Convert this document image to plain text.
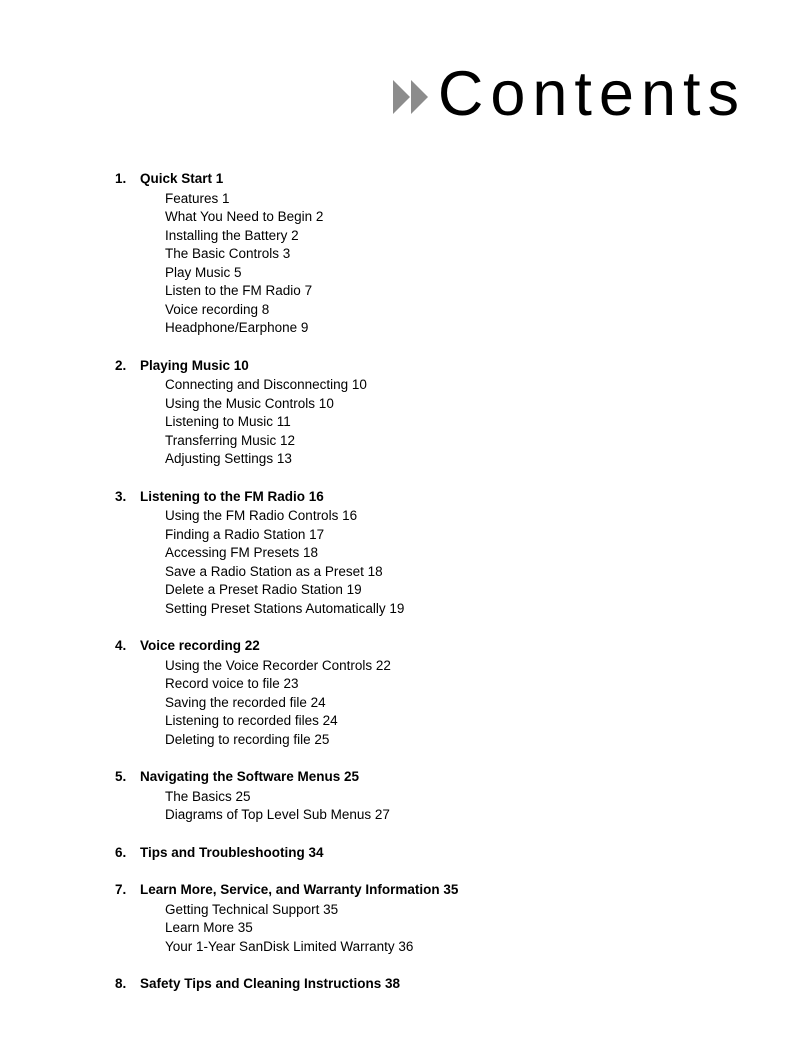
Contents
1.	Quick Start 1
Features 1
What You Need to Begin 2
Installing the Battery 2
The Basic Controls 3
Play Music 5
Listen to the FM Radio 7
Voice recording 8
Headphone/Earphone 9
2.	Playing Music 10
Connecting and Disconnecting 10
Using the Music Controls 10
Listening to Music 11
Transferring Music 12
Adjusting Settings 13
3.	Listening to the FM Radio 16
Using the FM Radio Controls 16
Finding a Radio Station 17
Accessing FM Presets 18
Save a Radio Station as a Preset 18
Delete a Preset Radio Station 19
Setting Preset Stations Automatically 19
4.	Voice recording 22
Using the Voice Recorder Controls 22
Record voice to file 23
Saving the recorded file 24
Listening to recorded files 24
Deleting to recording file 25
5.	Navigating the Software Menus 25
The Basics 25
Diagrams of Top Level Sub Menus 27
6.	Tips and Troubleshooting 34
7.	Learn More, Service, and Warranty Information 35
Getting Technical Support 35
Learn More 35
Your 1-Year SanDisk Limited Warranty 36
8.	Safety Tips and Cleaning Instructions 38
